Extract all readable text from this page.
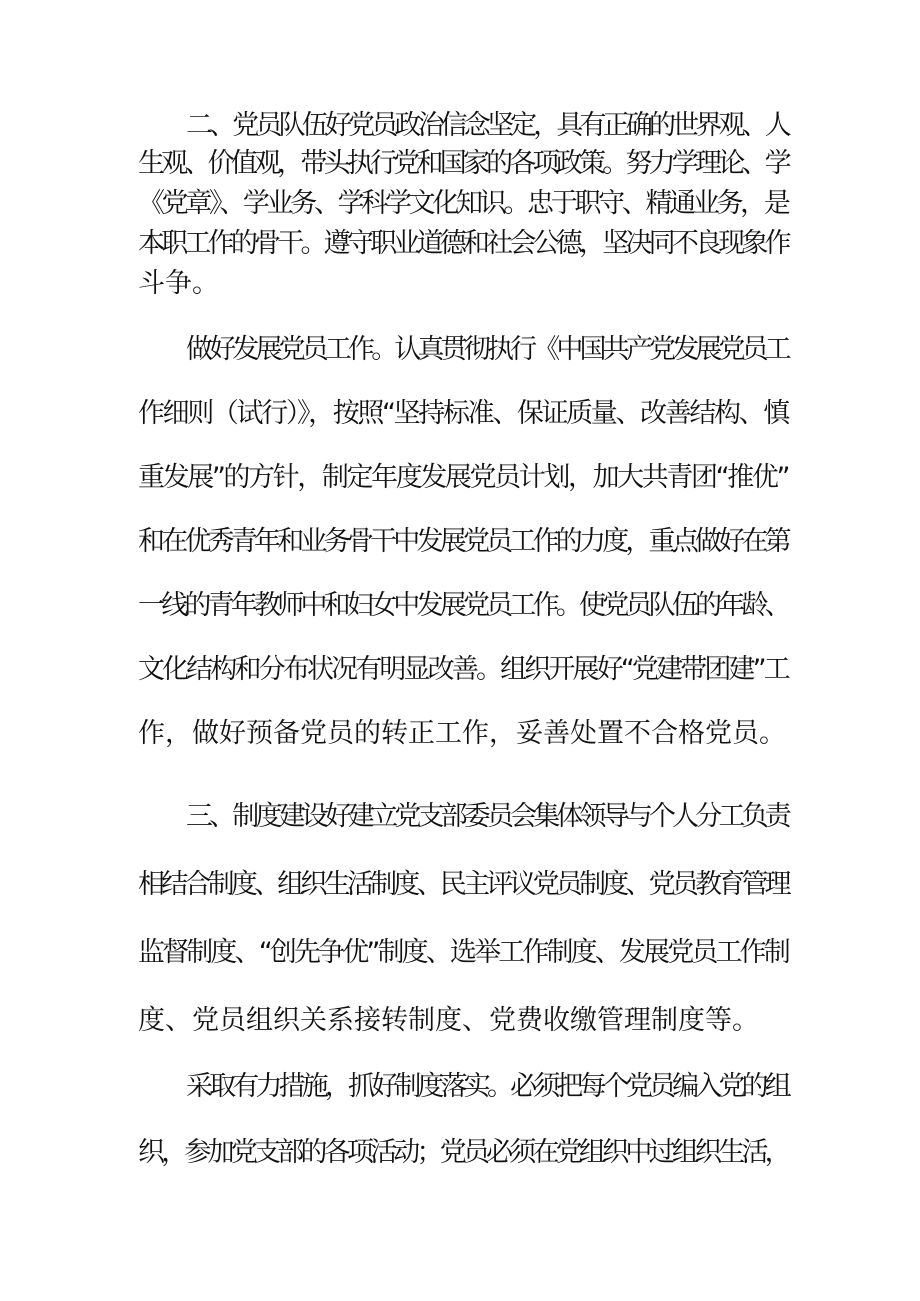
二、党员队伍好党员政治信念坚定，具有正确的世界观、人
生观、价值观，带头执行党和国家的各项政策。努力学理论、学
《党章》、学业务、学科学文化知识。忠于职守、精通业务，是
本职工作的骨干。遵守职业道德和社会公德，坚决同不良现象作
斗争。
做好发展党员工作。认真贯彻执行《中国共产党发展党员工
作细则（试行）》，按照“坚持标准、保证质量、改善结构、慎
重发展”的方针，制定年度发展党员计划，加大共青团“推优”
和在优秀青年和业务骨干中发展党员工作的力度，重点做好在第
一线的青年教师中和妇女中发展党员工作。使党员队伍的年龄、
文化结构和分布状况有明显改善。组织开展好“党建带团建”工
作，做好预备党员的转正工作，妥善处置不合格党员。
三、制度建设好建立党支部委员会集体领导与个人分工负责
相结合制度、组织生活制度、民主评议党员制度、党员教育管理
监督制度、“创先争优”制度、选举工作制度、发展党员工作制
度、党员组织关系接转制度、党费收缴管理制度等。
采取有力措施，抓好制度落实。必须把每个党员编入党的组
织，参加党支部的各项活动；党员必须在党组织中过组织生活，
